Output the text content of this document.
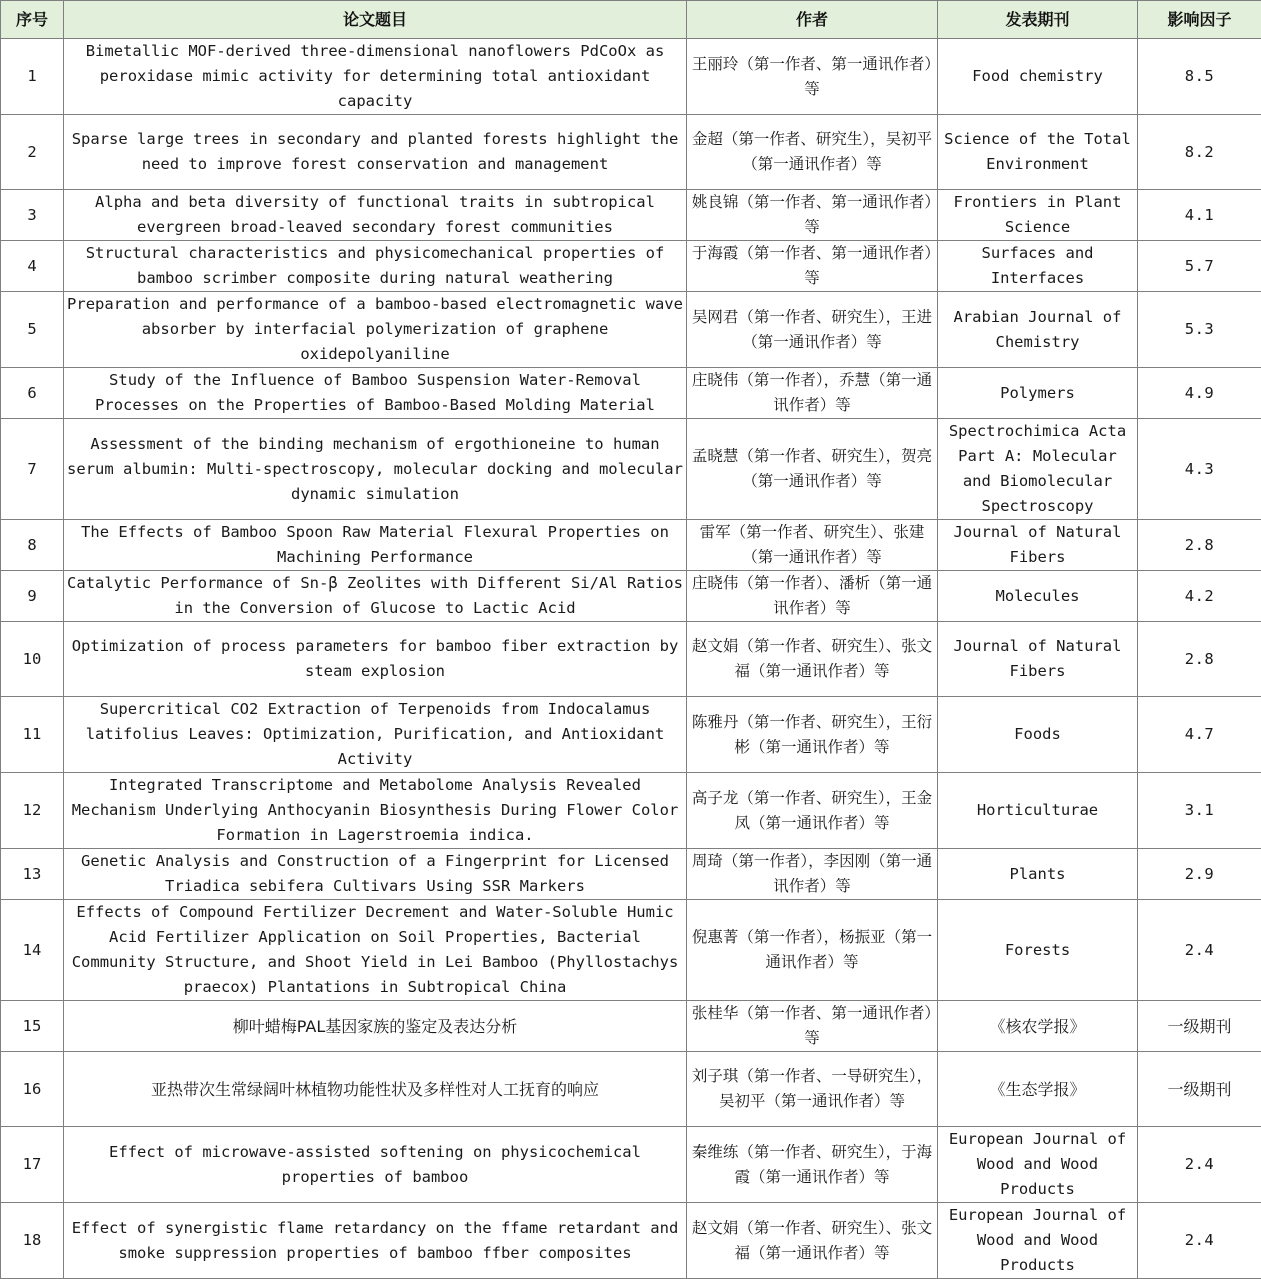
序号	论文题目	作者	发表期刊	影响因子
1	Bimetallic MOF-derived three-dimensional nanoflowers PdCoOx as peroxidase mimic activity for determining total antioxidant capacity	王丽玲（第一作者、第一通讯作者）等	Food chemistry	8.5
2	Sparse large trees in secondary and planted forests highlight the need to improve forest conservation and management	金超（第一作者、研究生），吴初平（第一通讯作者）等	Science of the Total Environment	8.2
3	Alpha and beta diversity of functional traits in subtropical evergreen broad-leaved secondary forest communities	姚良锦（第一作者、第一通讯作者）等	Frontiers in Plant Science	4.1
4	Structural characteristics and physicomechanical properties of bamboo scrimber composite during natural weathering	于海霞（第一作者、第一通讯作者）等	Surfaces and Interfaces	5.7
5	Preparation and performance of a bamboo-based electromagnetic wave absorber by interfacial polymerization of graphene oxidepolyaniline	吴网君（第一作者、研究生），王进（第一通讯作者）等	Arabian Journal of Chemistry	5.3
6	Study of the Influence of Bamboo Suspension Water-Removal Processes on the Properties of Bamboo-Based Molding Material	庄晓伟（第一作者），乔慧（第一通讯作者）等	Polymers	4.9
7	Assessment of the binding mechanism of ergothioneine to human serum albumin: Multi-spectroscopy, molecular docking and molecular dynamic simulation	孟晓慧（第一作者、研究生），贺亮（第一通讯作者）等	Spectrochimica Acta Part A: Molecular and Biomolecular Spectroscopy	4.3
8	The Effects of Bamboo Spoon Raw Material Flexural Properties on Machining Performance	雷军（第一作者、研究生）、张建（第一通讯作者）等	Journal of Natural Fibers	2.8
9	Catalytic Performance of Sn-β Zeolites with Different Si/Al Ratios in the Conversion of Glucose to Lactic Acid	庄晓伟（第一作者）、潘析（第一通讯作者）等	Molecules	4.2
10	Optimization of process parameters for bamboo fiber extraction by steam explosion	赵文娟（第一作者、研究生）、张文福（第一通讯作者）等	Journal of Natural Fibers	2.8
11	Supercritical CO2 Extraction of Terpenoids from Indocalamus latifolius Leaves: Optimization, Purification, and Antioxidant Activity	陈雅丹（第一作者、研究生），王衍彬（第一通讯作者）等	Foods	4.7
12	Integrated Transcriptome and Metabolome Analysis Revealed Mechanism Underlying Anthocyanin Biosynthesis During Flower Color Formation in Lagerstroemia indica.	高子龙（第一作者、研究生），王金凤（第一通讯作者）等	Horticulturae	3.1
13	Genetic Analysis and Construction of a Fingerprint for Licensed Triadica sebifera Cultivars Using SSR Markers	周琦（第一作者），李因刚（第一通讯作者）等	Plants	2.9
14	Effects of Compound Fertilizer Decrement and Water-Soluble Humic Acid Fertilizer Application on Soil Properties, Bacterial Community Structure, and Shoot Yield in Lei Bamboo (Phyllostachys praecox) Plantations in Subtropical China	倪惠菁（第一作者），杨振亚（第一通讯作者）等	Forests	2.4
15	柳叶蜡梅PAL基因家族的鉴定及表达分析	张桂华（第一作者、第一通讯作者）等	《核农学报》	一级期刊
16	亚热带次生常绿阔叶林植物功能性状及多样性对人工抚育的响应	刘子琪（第一作者、一导研究生），吴初平（第一通讯作者）等	《生态学报》	一级期刊
17	Effect of microwave-assisted softening on physicochemical properties of bamboo	秦维练（第一作者、研究生），于海霞（第一通讯作者）等	European Journal of Wood and Wood Products	2.4
18	Effect of synergistic flame retardancy on the ffame retardant and smoke suppression properties of bamboo ffber composites	赵文娟（第一作者、研究生）、张文福（第一通讯作者）等	European Journal of Wood and Wood Products	2.4
